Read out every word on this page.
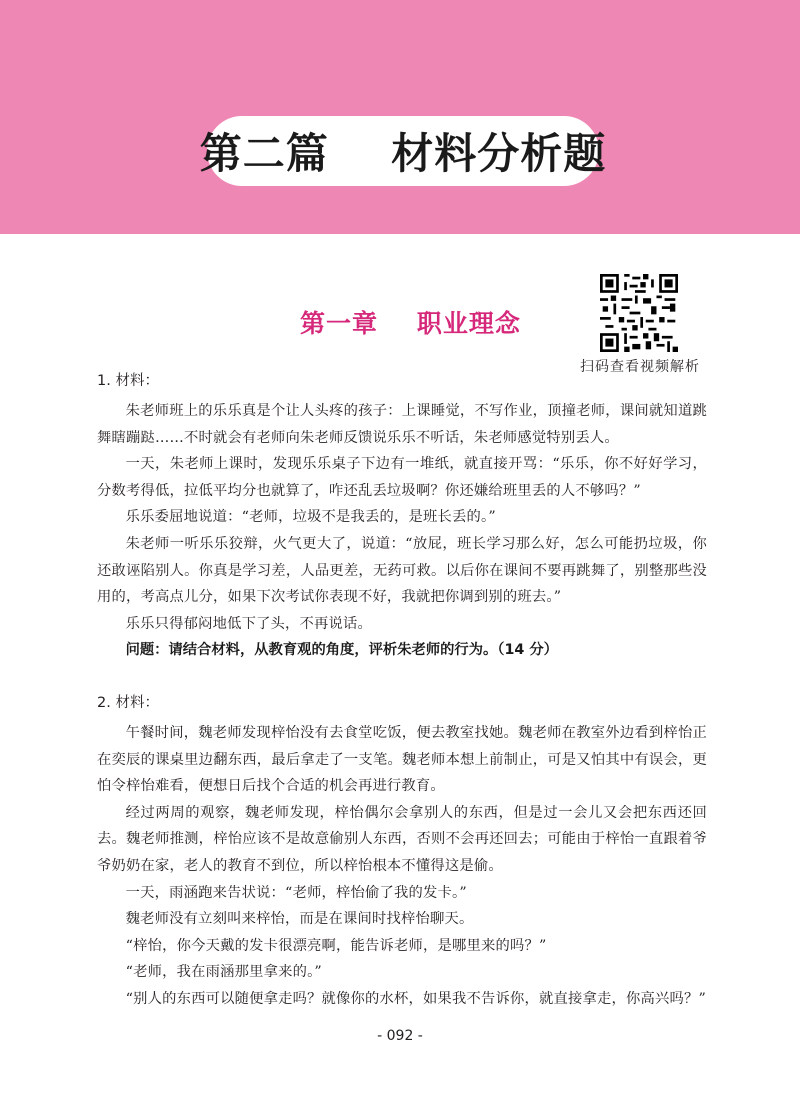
第二篇    材料分析题
第一章    职业理念
扫码查看视频解析
1. 材料：

朱老师班上的乐乐真是个让人头疼的孩子：上课睡觉，不写作业，顶撞老师，课间就知道跳舞瞎蹦跶……不时就会有老师向朱老师反馈说乐乐不听话，朱老师感觉特别丢人。

一天，朱老师上课时，发现乐乐桌子下边有一堆纸，就直接开骂：“乐乐，你不好好学习，分数考得低，拉低平均分也就算了，咋还乱丢垃圾啊？你还嫌给班里丢的人不够吗？”

乐乐委屈地说道：“老师，垃圾不是我丢的，是班长丢的。”

朱老师一听乐乐狡辩，火气更大了，说道：“放屁，班长学习那么好，怎么可能扔垃圾，你还敢诬陷别人。你真是学习差，人品更差，无药可救。以后你在课间不要再跳舞了，别整那些没用的，考高点儿分，如果下次考试你表现不好，我就把你调到别的班去。”

乐乐只得郁闷地低下了头，不再说话。

问题：请结合材料，从教育观的角度，评析朱老师的行为。（14 分）

2. 材料：

午餐时间，魏老师发现梓怡没有去食堂吃饭，便去教室找她。魏老师在教室外边看到梓怡正在奕辰的课桌里边翻东西，最后拿走了一支笔。魏老师本想上前制止，可是又怕其中有误会，更怕令梓怡难看，便想日后找个合适的机会再进行教育。

经过两周的观察，魏老师发现，梓怡偶尔会拿别人的东西，但是过一会儿又会把东西还回去。魏老师推测，梓怡应该不是故意偷别人东西，否则不会再还回去；可能由于梓怡一直跟着爷爷奶奶在家，老人的教育不到位，所以梓怡根本不懂得这是偷。

一天，雨涵跑来告状说：“老师，梓怡偷了我的发卡。”

魏老师没有立刻叫来梓怡，而是在课间时找梓怡聊天。

“梓怡，你今天戴的发卡很漂亮啊，能告诉老师，是哪里来的吗？”

“老师，我在雨涵那里拿来的。”

“别人的东西可以随便拿走吗？就像你的水杯，如果我不告诉你，就直接拿走，你高兴吗？”

- 092 -
